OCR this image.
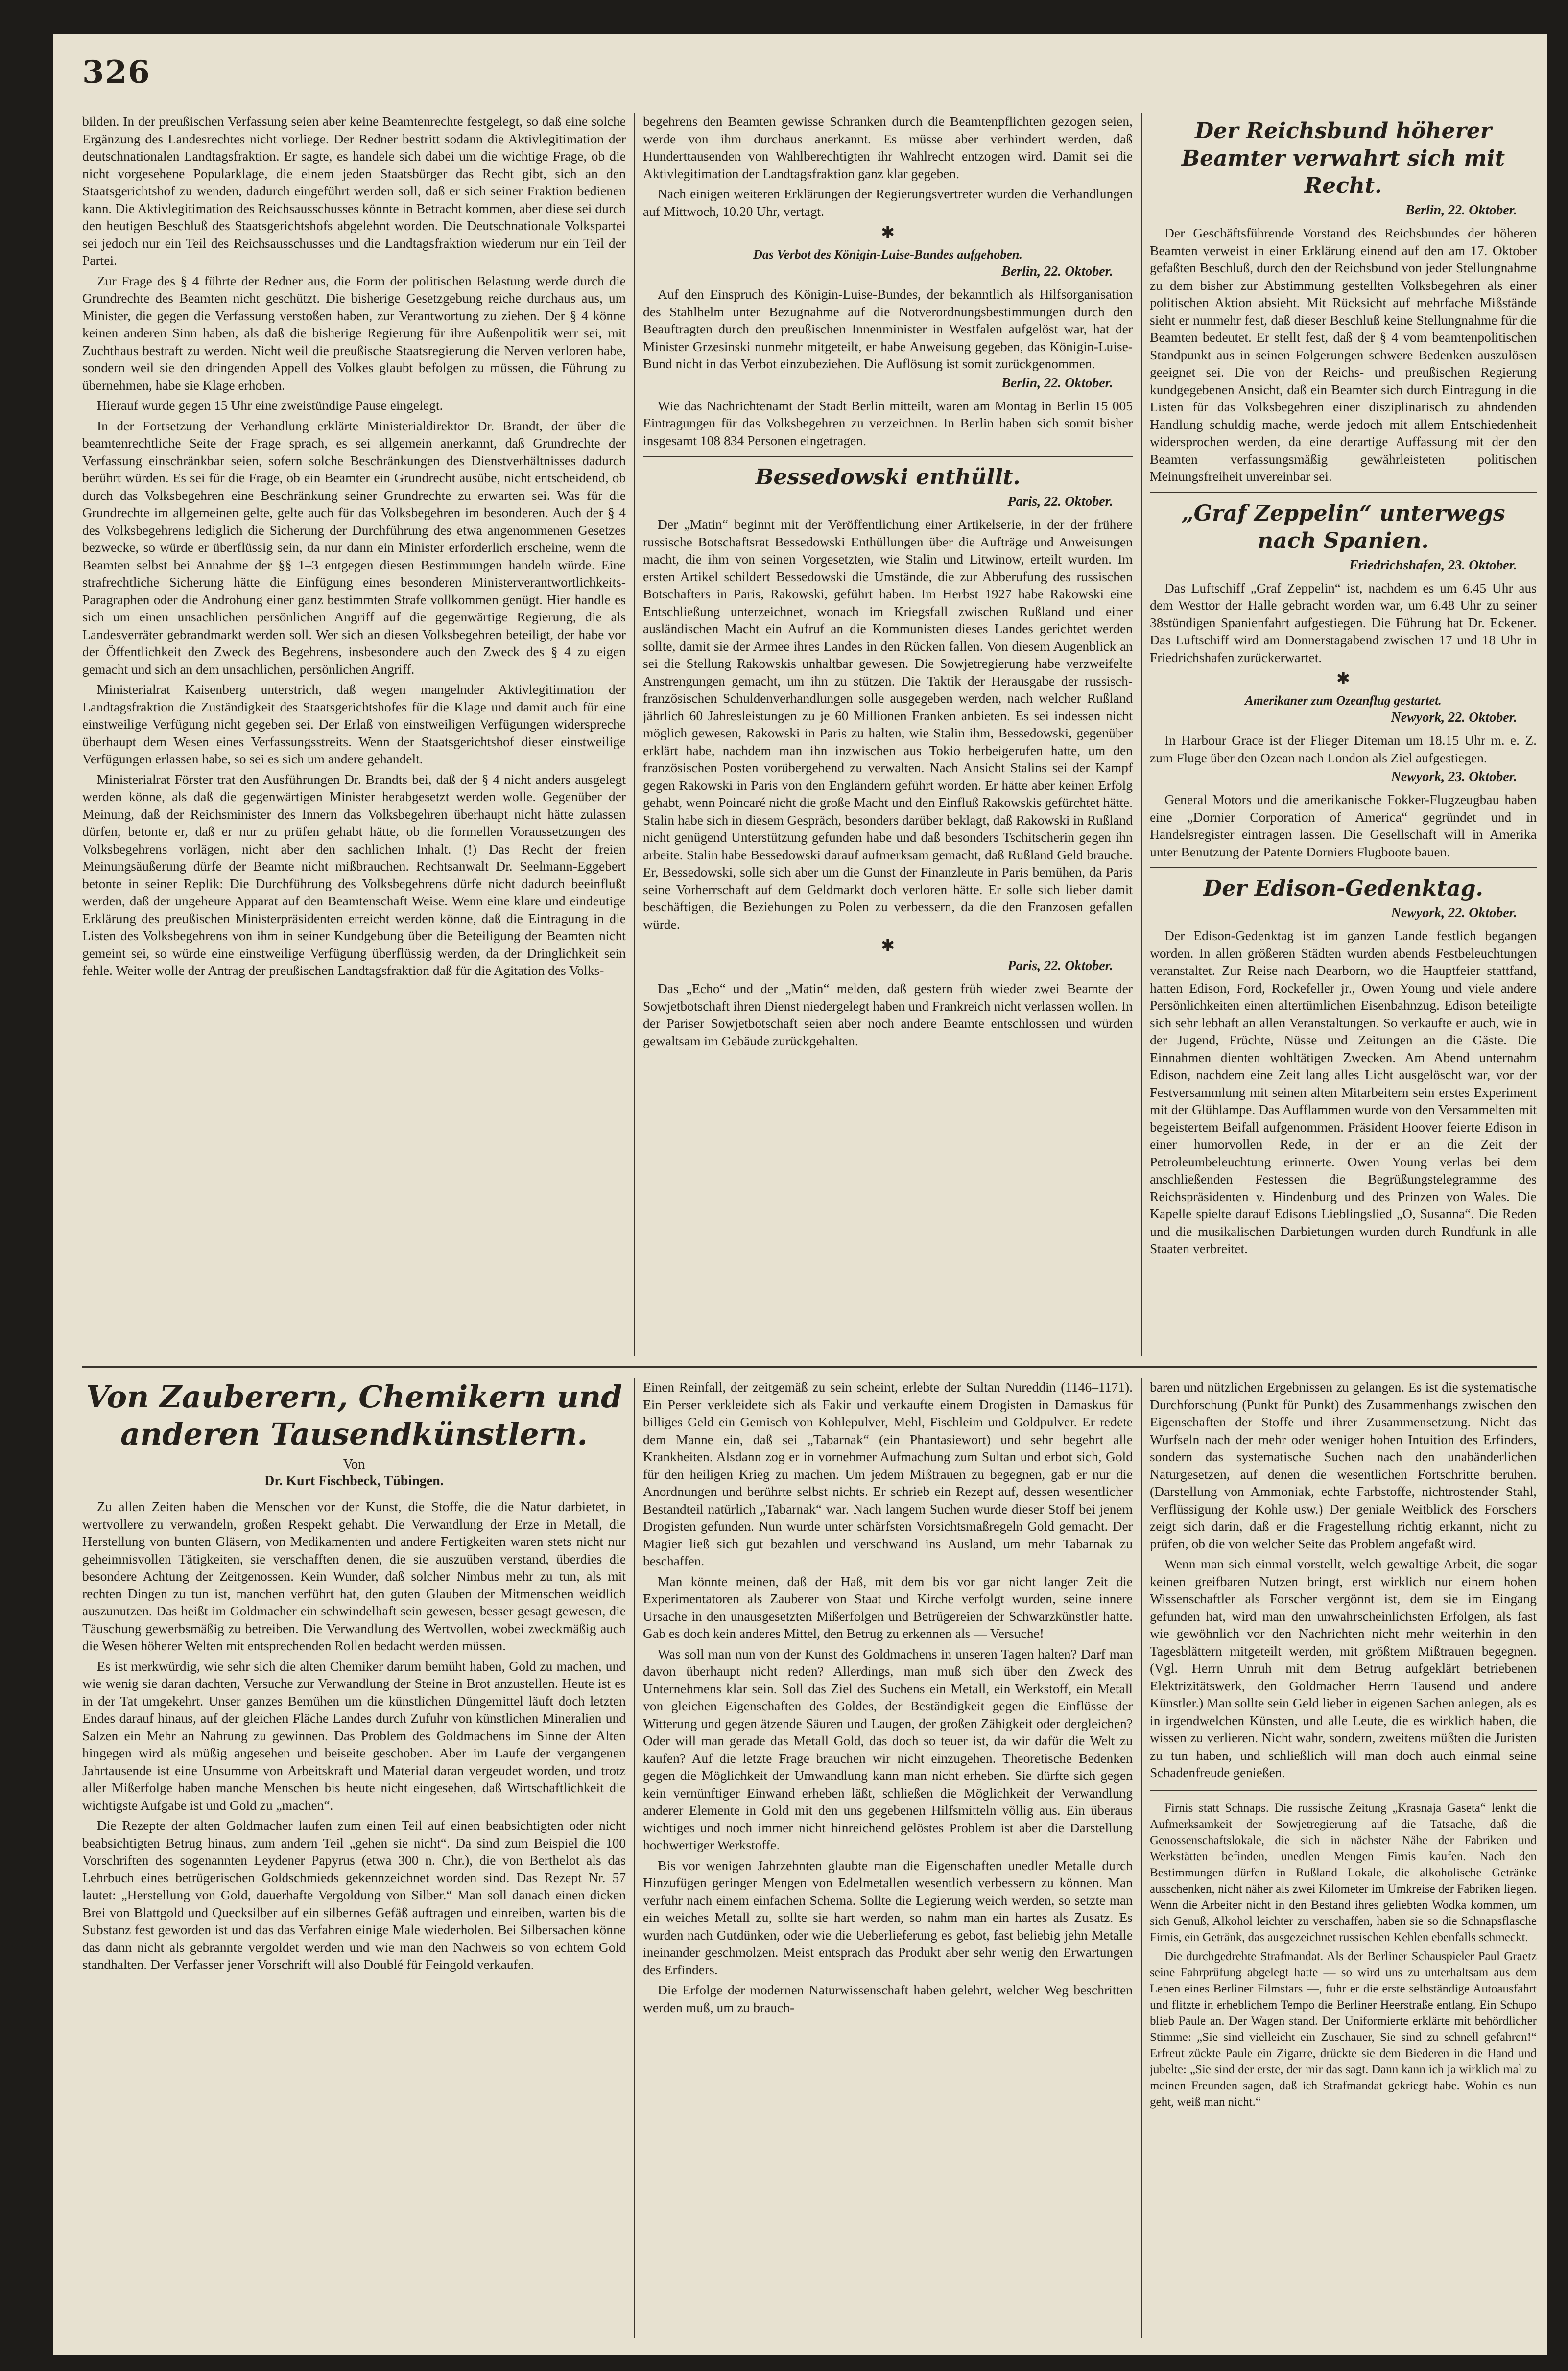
326

bilden. In der preußischen Verfassung seien aber keine Beamtenrechte festgelegt, so daß eine solche Ergänzung des Landesrechtes nicht vorliege. Der Redner bestritt sodann die Aktivlegitimation der deutschnationalen Landtagsfraktion. Er sagte, es handele sich dabei um die wichtige Frage, ob die nicht vorgesehene Popularklage, die einem jeden Staatsbürger das Recht gibt, sich an den Staatsgerichtshof zu wenden, dadurch eingeführt werden soll, daß er sich seiner Fraktion bedienen kann. Die Aktivlegitimation des Reichsausschusses könnte in Betracht kommen, aber diese sei durch den heutigen Beschluß des Staatsgerichtshofs abgelehnt worden. Die Deutschnationale Volkspartei sei jedoch nur ein Teil des Reichsausschusses und die Landtagsfraktion wiederum nur ein Teil der Partei.

Zur Frage des § 4 führte der Redner aus, die Form der politischen Belastung werde durch die Grundrechte des Beamten nicht geschützt. Die bisherige Gesetzgebung reiche durchaus aus, um Minister, die gegen die Verfassung verstoßen haben, zur Verantwortung zu ziehen. Der § 4 könne keinen anderen Sinn haben, als daß die bisherige Regierung für ihre Außenpolitik werr sei, mit Zuchthaus bestraft zu werden. Nicht weil die preußische Staatsregierung die Nerven verloren habe, sondern weil sie den dringenden Appell des Volkes glaubt befolgen zu müssen, die Führung zu übernehmen, habe sie Klage erhoben.

Hierauf wurde gegen 15 Uhr eine zweistündige Pause eingelegt.

In der Fortsetzung der Verhandlung erklärte Ministerialdirektor Dr. Brandt, der über die beamtenrechtliche Seite der Frage sprach, es sei allgemein anerkannt, daß Grundrechte der Verfassung einschränkbar seien, sofern solche Beschränkungen des Dienstverhältnisses dadurch berührt würden. Es sei für die Frage, ob ein Beamter ein Grundrecht ausübe, nicht entscheidend, ob durch das Volksbegehren eine Beschränkung seiner Grundrechte zu erwarten sei. Was für die Grundrechte im allgemeinen gelte, gelte auch für das Volksbegehren im besonderen. Auch der § 4 des Volksbegehrens lediglich die Sicherung der Durchführung des etwa angenommenen Gesetzes bezwecke, so würde er überflüssig sein, da nur dann ein Minister erforderlich erscheine, wenn die Beamten selbst bei Annahme der §§ 1–3 entgegen diesen Bestimmungen handeln würde. Eine strafrechtliche Sicherung hätte die Einfügung eines besonderen Ministerverantwortlichkeits-Paragraphen oder die Androhung einer ganz bestimmten Strafe vollkommen genügt. Hier handle es sich um einen unsachlichen persönlichen Angriff auf die gegenwärtige Regierung, die als Landesverräter gebrandmarkt werden soll. Wer sich an diesen Volksbegehren beteiligt, der habe vor der Öffentlichkeit den Zweck des Begehrens, insbesondere auch den Zweck des § 4 zu eigen gemacht und sich an dem unsachlichen, persönlichen Angriff.

Ministerialrat Kaisenberg unterstrich, daß wegen mangelnder Aktivlegitimation der Landtagsfraktion die Zuständigkeit des Staatsgerichtshofes für die Klage und damit auch für eine einstweilige Verfügung nicht gegeben sei. Der Erlaß von einstweiligen Verfügungen widerspreche überhaupt dem Wesen eines Verfassungsstreits. Wenn der Staatsgerichtshof dieser einstweilige Verfügungen erlassen habe, so sei es sich um andere gehandelt.

Ministerialrat Förster trat den Ausführungen Dr. Brandts bei, daß der § 4 nicht anders ausgelegt werden könne, als daß die gegenwärtigen Minister herabgesetzt werden wolle. Gegenüber der Meinung, daß der Reichsminister des Innern das Volksbegehren überhaupt nicht hätte zulassen dürfen, betonte er, daß er nur zu prüfen gehabt hätte, ob die formellen Voraussetzungen des Volksbegehrens vorlägen, nicht aber den sachlichen Inhalt. (!) Das Recht der freien Meinungsäußerung dürfe der Beamte nicht mißbrauchen. Rechtsanwalt Dr. Seelmann-Eggebert betonte in seiner Replik: Die Durchführung des Volksbegehrens dürfe nicht dadurch beeinflußt werden, daß der ungeheure Apparat auf den Beamtenschaft Weise. Wenn eine klare und eindeutige Erklärung des preußischen Ministerpräsidenten erreicht werden könne, daß die Eintragung in die Listen des Volksbegehrens von ihm in seiner Kundgebung über die Beteiligung der Beamten nicht gemeint sei, so würde eine einstweilige Verfügung überflüssig werden, da der Dringlichkeit sein fehle. Weiter wolle der Antrag der preußischen Landtagsfraktion daß für die Agitation des Volks-

begehrens den Beamten gewisse Schranken durch die Beamtenpflichten gezogen seien, werde von ihm durchaus anerkannt. Es müsse aber verhindert werden, daß Hunderttausenden von Wahlberechtigten ihr Wahlrecht entzogen wird. Damit sei die Aktivlegitimation der Landtagsfraktion ganz klar gegeben.

Nach einigen weiteren Erklärungen der Regierungsvertreter wurden die Verhandlungen auf Mittwoch, 10.20 Uhr, vertagt.

✱
Das Verbot des Königin-Luise-Bundes aufgehoben.
Berlin, 22. Oktober.

Auf den Einspruch des Königin-Luise-Bundes, der bekanntlich als Hilfsorganisation des Stahlhelm unter Bezugnahme auf die Notverordnungsbestimmungen durch den Beauftragten durch den preußischen Innenminister in Westfalen aufgelöst war, hat der Minister Grzesinski nunmehr mitgeteilt, er habe Anweisung gegeben, das Königin-Luise-Bund nicht in das Verbot einzubeziehen. Die Auflösung ist somit zurückgenommen.

Berlin, 22. Oktober.

Wie das Nachrichtenamt der Stadt Berlin mitteilt, waren am Montag in Berlin 15 005 Eintragungen für das Volksbegehren zu verzeichnen. In Berlin haben sich somit bisher insgesamt 108 834 Personen eingetragen.

Bessedowski enthüllt.
Paris, 22. Oktober.

Der „Matin“ beginnt mit der Veröffentlichung einer Artikelserie, in der der frühere russische Botschaftsrat Bessedowski Enthüllungen über die Aufträge und Anweisungen macht, die ihm von seinen Vorgesetzten, wie Stalin und Litwinow, erteilt wurden. Im ersten Artikel schildert Bessedowski die Umstände, die zur Abberufung des russischen Botschafters in Paris, Rakowski, geführt haben. Im Herbst 1927 habe Rakowski eine Entschließung unterzeichnet, wonach im Kriegsfall zwischen Rußland und einer ausländischen Macht ein Aufruf an die Kommunisten dieses Landes gerichtet werden sollte, damit sie der Armee ihres Landes in den Rücken fallen. Von diesem Augenblick an sei die Stellung Rakowskis unhaltbar gewesen. Die Sowjetregierung habe verzweifelte Anstrengungen gemacht, um ihn zu stützen. Die Taktik der Herausgabe der russisch-französischen Schuldenverhandlungen solle ausgegeben werden, nach welcher Rußland jährlich 60 Jahresleistungen zu je 60 Millionen Franken anbieten. Es sei indessen nicht möglich gewesen, Rakowski in Paris zu halten, wie Stalin ihm, Bessedowski, gegenüber erklärt habe, nachdem man ihn inzwischen aus Tokio herbeigerufen hatte, um den französischen Posten vorübergehend zu verwalten. Nach Ansicht Stalins sei der Kampf gegen Rakowski in Paris von den Engländern geführt worden. Er hätte aber keinen Erfolg gehabt, wenn Poincaré nicht die große Macht und den Einfluß Rakowskis gefürchtet hätte. Stalin habe sich in diesem Gespräch, besonders darüber beklagt, daß Rakowski in Rußland nicht genügend Unterstützung gefunden habe und daß besonders Tschitscherin gegen ihn arbeite. Stalin habe Bessedowski darauf aufmerksam gemacht, daß Rußland Geld brauche. Er, Bessedowski, solle sich aber um die Gunst der Finanzleute in Paris bemühen, da Paris seine Vorherrschaft auf dem Geldmarkt doch verloren hätte. Er solle sich lieber damit beschäftigen, die Beziehungen zu Polen zu verbessern, da die den Franzosen gefallen würde.

✱
Paris, 22. Oktober.

Das „Echo“ und der „Matin“ melden, daß gestern früh wieder zwei Beamte der Sowjetbotschaft ihren Dienst niedergelegt haben und Frankreich nicht verlassen wollen. In der Pariser Sowjetbotschaft seien aber noch andere Beamte entschlossen und würden gewaltsam im Gebäude zurückgehalten.

Der Reichsbund höherer Beamter verwahrt sich mit Recht.
Berlin, 22. Oktober.

Der Geschäftsführende Vorstand des Reichsbundes der höheren Beamten verweist in einer Erklärung einend auf den am 17. Oktober gefaßten Beschluß, durch den der Reichsbund von jeder Stellungnahme zu dem bisher zur Abstimmung gestellten Volksbegehren als einer politischen Aktion absieht. Mit Rücksicht auf mehrfache Mißstände sieht er nunmehr fest, daß dieser Beschluß keine Stellungnahme für die Beamten bedeutet. Er stellt fest, daß der § 4 vom beamtenpolitischen Standpunkt aus in seinen Folgerungen schwere Bedenken auszulösen geeignet sei. Die von der Reichs- und preußischen Regierung kundgegebenen Ansicht, daß ein Beamter sich durch Eintragung in die Listen für das Volksbegehren einer disziplinarisch zu ahndenden Handlung schuldig mache, werde jedoch mit allem Entschiedenheit widersprochen werden, da eine derartige Auffassung mit der den Beamten verfassungsmäßig gewährleisteten politischen Meinungsfreiheit unvereinbar sei.

„Graf Zeppelin“ unterwegs nach Spanien.
Friedrichshafen, 23. Oktober.

Das Luftschiff „Graf Zeppelin“ ist, nachdem es um 6.45 Uhr aus dem Westtor der Halle gebracht worden war, um 6.48 Uhr zu seiner 38stündigen Spanienfahrt aufgestiegen. Die Führung hat Dr. Eckener. Das Luftschiff wird am Donnerstagabend zwischen 17 und 18 Uhr in Friedrichshafen zurückerwartet.

✱
Amerikaner zum Ozeanflug gestartet.
Newyork, 22. Oktober.

In Harbour Grace ist der Flieger Diteman um 18.15 Uhr m. e. Z. zum Fluge über den Ozean nach London als Ziel aufgestiegen.

Newyork, 23. Oktober.

General Motors und die amerikanische Fokker-Flugzeugbau haben eine „Dornier Corporation of America“ gegründet und in Handelsregister eintragen lassen. Die Gesellschaft will in Amerika unter Benutzung der Patente Dorniers Flugboote bauen.

Der Edison-Gedenktag.
Newyork, 22. Oktober.

Der Edison-Gedenktag ist im ganzen Lande festlich begangen worden. In allen größeren Städten wurden abends Festbeleuchtungen veranstaltet. Zur Reise nach Dearborn, wo die Hauptfeier stattfand, hatten Edison, Ford, Rockefeller jr., Owen Young und viele andere Persönlichkeiten einen altertümlichen Eisenbahnzug. Edison beteiligte sich sehr lebhaft an allen Veranstaltungen. So verkaufte er auch, wie in der Jugend, Früchte, Nüsse und Zeitungen an die Gäste. Die Einnahmen dienten wohltätigen Zwecken. Am Abend unternahm Edison, nachdem eine Zeit lang alles Licht ausgelöscht war, vor der Festversammlung mit seinen alten Mitarbeitern sein erstes Experiment mit der Glühlampe. Das Aufflammen wurde von den Versammelten mit begeistertem Beifall aufgenommen. Präsident Hoover feierte Edison in einer humorvollen Rede, in der er an die Zeit der Petroleumbeleuchtung erinnerte. Owen Young verlas bei dem anschließenden Festessen die Begrüßungstelegramme des Reichspräsidenten v. Hindenburg und des Prinzen von Wales. Die Kapelle spielte darauf Edisons Lieblingslied „O, Susanna“. Die Reden und die musikalischen Darbietungen wurden durch Rundfunk in alle Staaten verbreitet.

Von Zauberern, Chemikern und anderen Tausendkünstlern.
Von
Dr. Kurt Fischbeck, Tübingen.

Zu allen Zeiten haben die Menschen vor der Kunst, die Stoffe, die die Natur darbietet, in wertvollere zu verwandeln, großen Respekt gehabt. Die Verwandlung der Erze in Metall, die Herstellung von bunten Gläsern, von Medikamenten und andere Fertigkeiten waren stets nicht nur geheimnisvollen Tätigkeiten, sie verschafften denen, die sie auszuüben verstand, überdies die besondere Achtung der Zeitgenossen. Kein Wunder, daß solcher Nimbus mehr zu tun, als mit rechten Dingen zu tun ist, manchen verführt hat, den guten Glauben der Mitmenschen weidlich auszunutzen. Das heißt im Goldmacher ein schwindelhaft sein gewesen, besser gesagt gewesen, die Täuschung gewerbsmäßig zu betreiben. Die Verwandlung des Wertvollen, wobei zweckmäßig auch die Wesen höherer Welten mit entsprechenden Rollen bedacht werden müssen.

Es ist merkwürdig, wie sehr sich die alten Chemiker darum bemüht haben, Gold zu machen, und wie wenig sie daran dachten, Versuche zur Verwandlung der Steine in Brot anzustellen. Heute ist es in der Tat umgekehrt. Unser ganzes Bemühen um die künstlichen Düngemittel läuft doch letzten Endes darauf hinaus, auf der gleichen Fläche Landes durch Zufuhr von künstlichen Mineralien und Salzen ein Mehr an Nahrung zu gewinnen. Das Problem des Goldmachens im Sinne der Alten hingegen wird als müßig angesehen und beiseite geschoben. Aber im Laufe der vergangenen Jahrtausende ist eine Unsumme von Arbeitskraft und Material daran vergeudet worden, und trotz aller Mißerfolge haben manche Menschen bis heute nicht eingesehen, daß Wirtschaftlichkeit die wichtigste Aufgabe ist und Gold zu „machen“.

Die Rezepte der alten Goldmacher laufen zum einen Teil auf einen beabsichtigten oder nicht beabsichtigten Betrug hinaus, zum andern Teil „gehen sie nicht“. Da sind zum Beispiel die 100 Vorschriften des sogenannten Leydener Papyrus (etwa 300 n. Chr.), die von Berthelot als das Lehrbuch eines betrügerischen Goldschmieds gekennzeichnet worden sind. Das Rezept Nr. 57 lautet: „Herstellung von Gold, dauerhafte Vergoldung von Silber.“ Man soll danach einen dicken Brei von Blattgold und Quecksilber auf ein silbernes Gefäß auftragen und einreiben, warten bis die Substanz fest geworden ist und das das Verfahren einige Male wiederholen. Bei Silbersachen könne das dann nicht als gebrannte vergoldet werden und wie man den Nachweis so von echtem Gold standhalten. Der Verfasser jener Vorschrift will also Doublé für Feingold verkaufen.

Einen Reinfall, der zeitgemäß zu sein scheint, erlebte der Sultan Nureddin (1146–1171). Ein Perser verkleidete sich als Fakir und verkaufte einem Drogisten in Damaskus für billiges Geld ein Gemisch von Kohlepulver, Mehl, Fischleim und Goldpulver. Er redete dem Manne ein, daß sei „Tabarnak“ (ein Phantasiewort) und sehr begehrt alle Krankheiten. Alsdann zog er in vornehmer Aufmachung zum Sultan und erbot sich, Gold für den heiligen Krieg zu machen. Um jedem Mißtrauen zu begegnen, gab er nur die Anordnungen und berührte selbst nichts. Er schrieb ein Rezept auf, dessen wesentlicher Bestandteil natürlich „Tabarnak“ war. Nach langem Suchen wurde dieser Stoff bei jenem Drogisten gefunden. Nun wurde unter schärfsten Vorsichtsmaßregeln Gold gemacht. Der Magier ließ sich gut bezahlen und verschwand ins Ausland, um mehr Tabarnak zu beschaffen.

Man könnte meinen, daß der Haß, mit dem bis vor gar nicht langer Zeit die Experimentatoren als Zauberer von Staat und Kirche verfolgt wurden, seine innere Ursache in den unausgesetzten Mißerfolgen und Betrügereien der Schwarzkünstler hatte. Gab es doch kein anderes Mittel, den Betrug zu erkennen als — Versuche!

Was soll man nun von der Kunst des Goldmachens in unseren Tagen halten? Darf man davon überhaupt nicht reden? Allerdings, man muß sich über den Zweck des Unternehmens klar sein. Soll das Ziel des Suchens ein Metall, ein Werkstoff, ein Metall von gleichen Eigenschaften des Goldes, der Beständigkeit gegen die Einflüsse der Witterung und gegen ätzende Säuren und Laugen, der großen Zähigkeit oder dergleichen? Oder will man gerade das Metall Gold, das doch so teuer ist, da wir dafür die Welt zu kaufen? Auf die letzte Frage brauchen wir nicht einzugehen. Theoretische Bedenken gegen die Möglichkeit der Umwandlung kann man nicht erheben. Sie dürfte sich gegen kein vernünftiger Einwand erheben läßt, schließen die Möglichkeit der Verwandlung anderer Elemente in Gold mit den uns gegebenen Hilfsmitteln völlig aus. Ein überaus wichtiges und noch immer nicht hinreichend gelöstes Problem ist aber die Darstellung hochwertiger Werkstoffe.

Bis vor wenigen Jahrzehnten glaubte man die Eigenschaften unedler Metalle durch Hinzufügen geringer Mengen von Edelmetallen wesentlich verbessern zu können. Man verfuhr nach einem einfachen Schema. Sollte die Legierung weich werden, so setzte man ein weiches Metall zu, sollte sie hart werden, so nahm man ein hartes als Zusatz. Es wurden nach Gutdünken, oder wie die Ueberlieferung es gebot, fast beliebig jehn Metalle ineinander geschmolzen. Meist entsprach das Produkt aber sehr wenig den Erwartungen des Erfinders.

Die Erfolge der modernen Naturwissenschaft haben gelehrt, welcher Weg beschritten werden muß, um zu brauch-

baren und nützlichen Ergebnissen zu gelangen. Es ist die systematische Durchforschung (Punkt für Punkt) des Zusammenhangs zwischen den Eigenschaften der Stoffe und ihrer Zusammensetzung. Nicht das Wurfseln nach der mehr oder weniger hohen Intuition des Erfinders, sondern das systematische Suchen nach den unabänderlichen Naturgesetzen, auf denen die wesentlichen Fortschritte beruhen. (Darstellung von Ammoniak, echte Farbstoffe, nichtrostender Stahl, Verflüssigung der Kohle usw.) Der geniale Weitblick des Forschers zeigt sich darin, daß er die Fragestellung richtig erkannt, nicht zu prüfen, ob die von welcher Seite das Problem angefaßt wird.

Wenn man sich einmal vorstellt, welch gewaltige Arbeit, die sogar keinen greifbaren Nutzen bringt, erst wirklich nur einem hohen Wissenschaftler als Forscher vergönnt ist, dem sie im Eingang gefunden hat, wird man den unwahrscheinlichsten Erfolgen, als fast wie gewöhnlich vor den Nachrichten nicht mehr weiterhin in den Tagesblättern mitgeteilt werden, mit größtem Mißtrauen begegnen. (Vgl. Herrn Unruh mit dem Betrug aufgeklärt betriebenen Elektrizitätswerk, den Goldmacher Herrn Tausend und andere Künstler.) Man sollte sein Geld lieber in eigenen Sachen anlegen, als es in irgendwelchen Künsten, und alle Leute, die es wirklich haben, die wissen zu verlieren. Nicht wahr, sondern, zweitens müßten die Juristen zu tun haben, und schließlich will man doch auch einmal seine Schadenfreude genießen.

Firnis statt Schnaps. Die russische Zeitung „Krasnaja Gaseta“ lenkt die Aufmerksamkeit der Sowjetregierung auf die Tatsache, daß die Genossenschaftslokale, die sich in nächster Nähe der Fabriken und Werkstätten befinden, unedlen Mengen Firnis kaufen. Nach den Bestimmungen dürfen in Rußland Lokale, die alkoholische Getränke ausschenken, nicht näher als zwei Kilometer im Umkreise der Fabriken liegen. Wenn die Arbeiter nicht in den Bestand ihres geliebten Wodka kommen, um sich Genuß, Alkohol leichter zu verschaffen, haben sie so die Schnapsflasche Firnis, ein Getränk, das ausgezeichnet russischen Kehlen ebenfalls schmeckt.

Die durchgedrehte Strafmandat. Als der Berliner Schauspieler Paul Graetz seine Fahrprüfung abgelegt hatte — so wird uns zu unterhaltsam aus dem Leben eines Berliner Filmstars —, fuhr er die erste selbständige Autoausfahrt und flitzte in erheblichem Tempo die Berliner Heerstraße entlang. Ein Schupo blieb Paule an. Der Wagen stand. Der Uniformierte erklärte mit behördlicher Stimme: „Sie sind vielleicht ein Zuschauer, Sie sind zu schnell gefahren!“ Erfreut zückte Paule ein Zigarre, drückte sie dem Biederen in die Hand und jubelte: „Sie sind der erste, der mir das sagt. Dann kann ich ja wirklich mal zu meinen Freunden sagen, daß ich Strafmandat gekriegt habe. Wohin es nun geht, weiß man nicht.“
